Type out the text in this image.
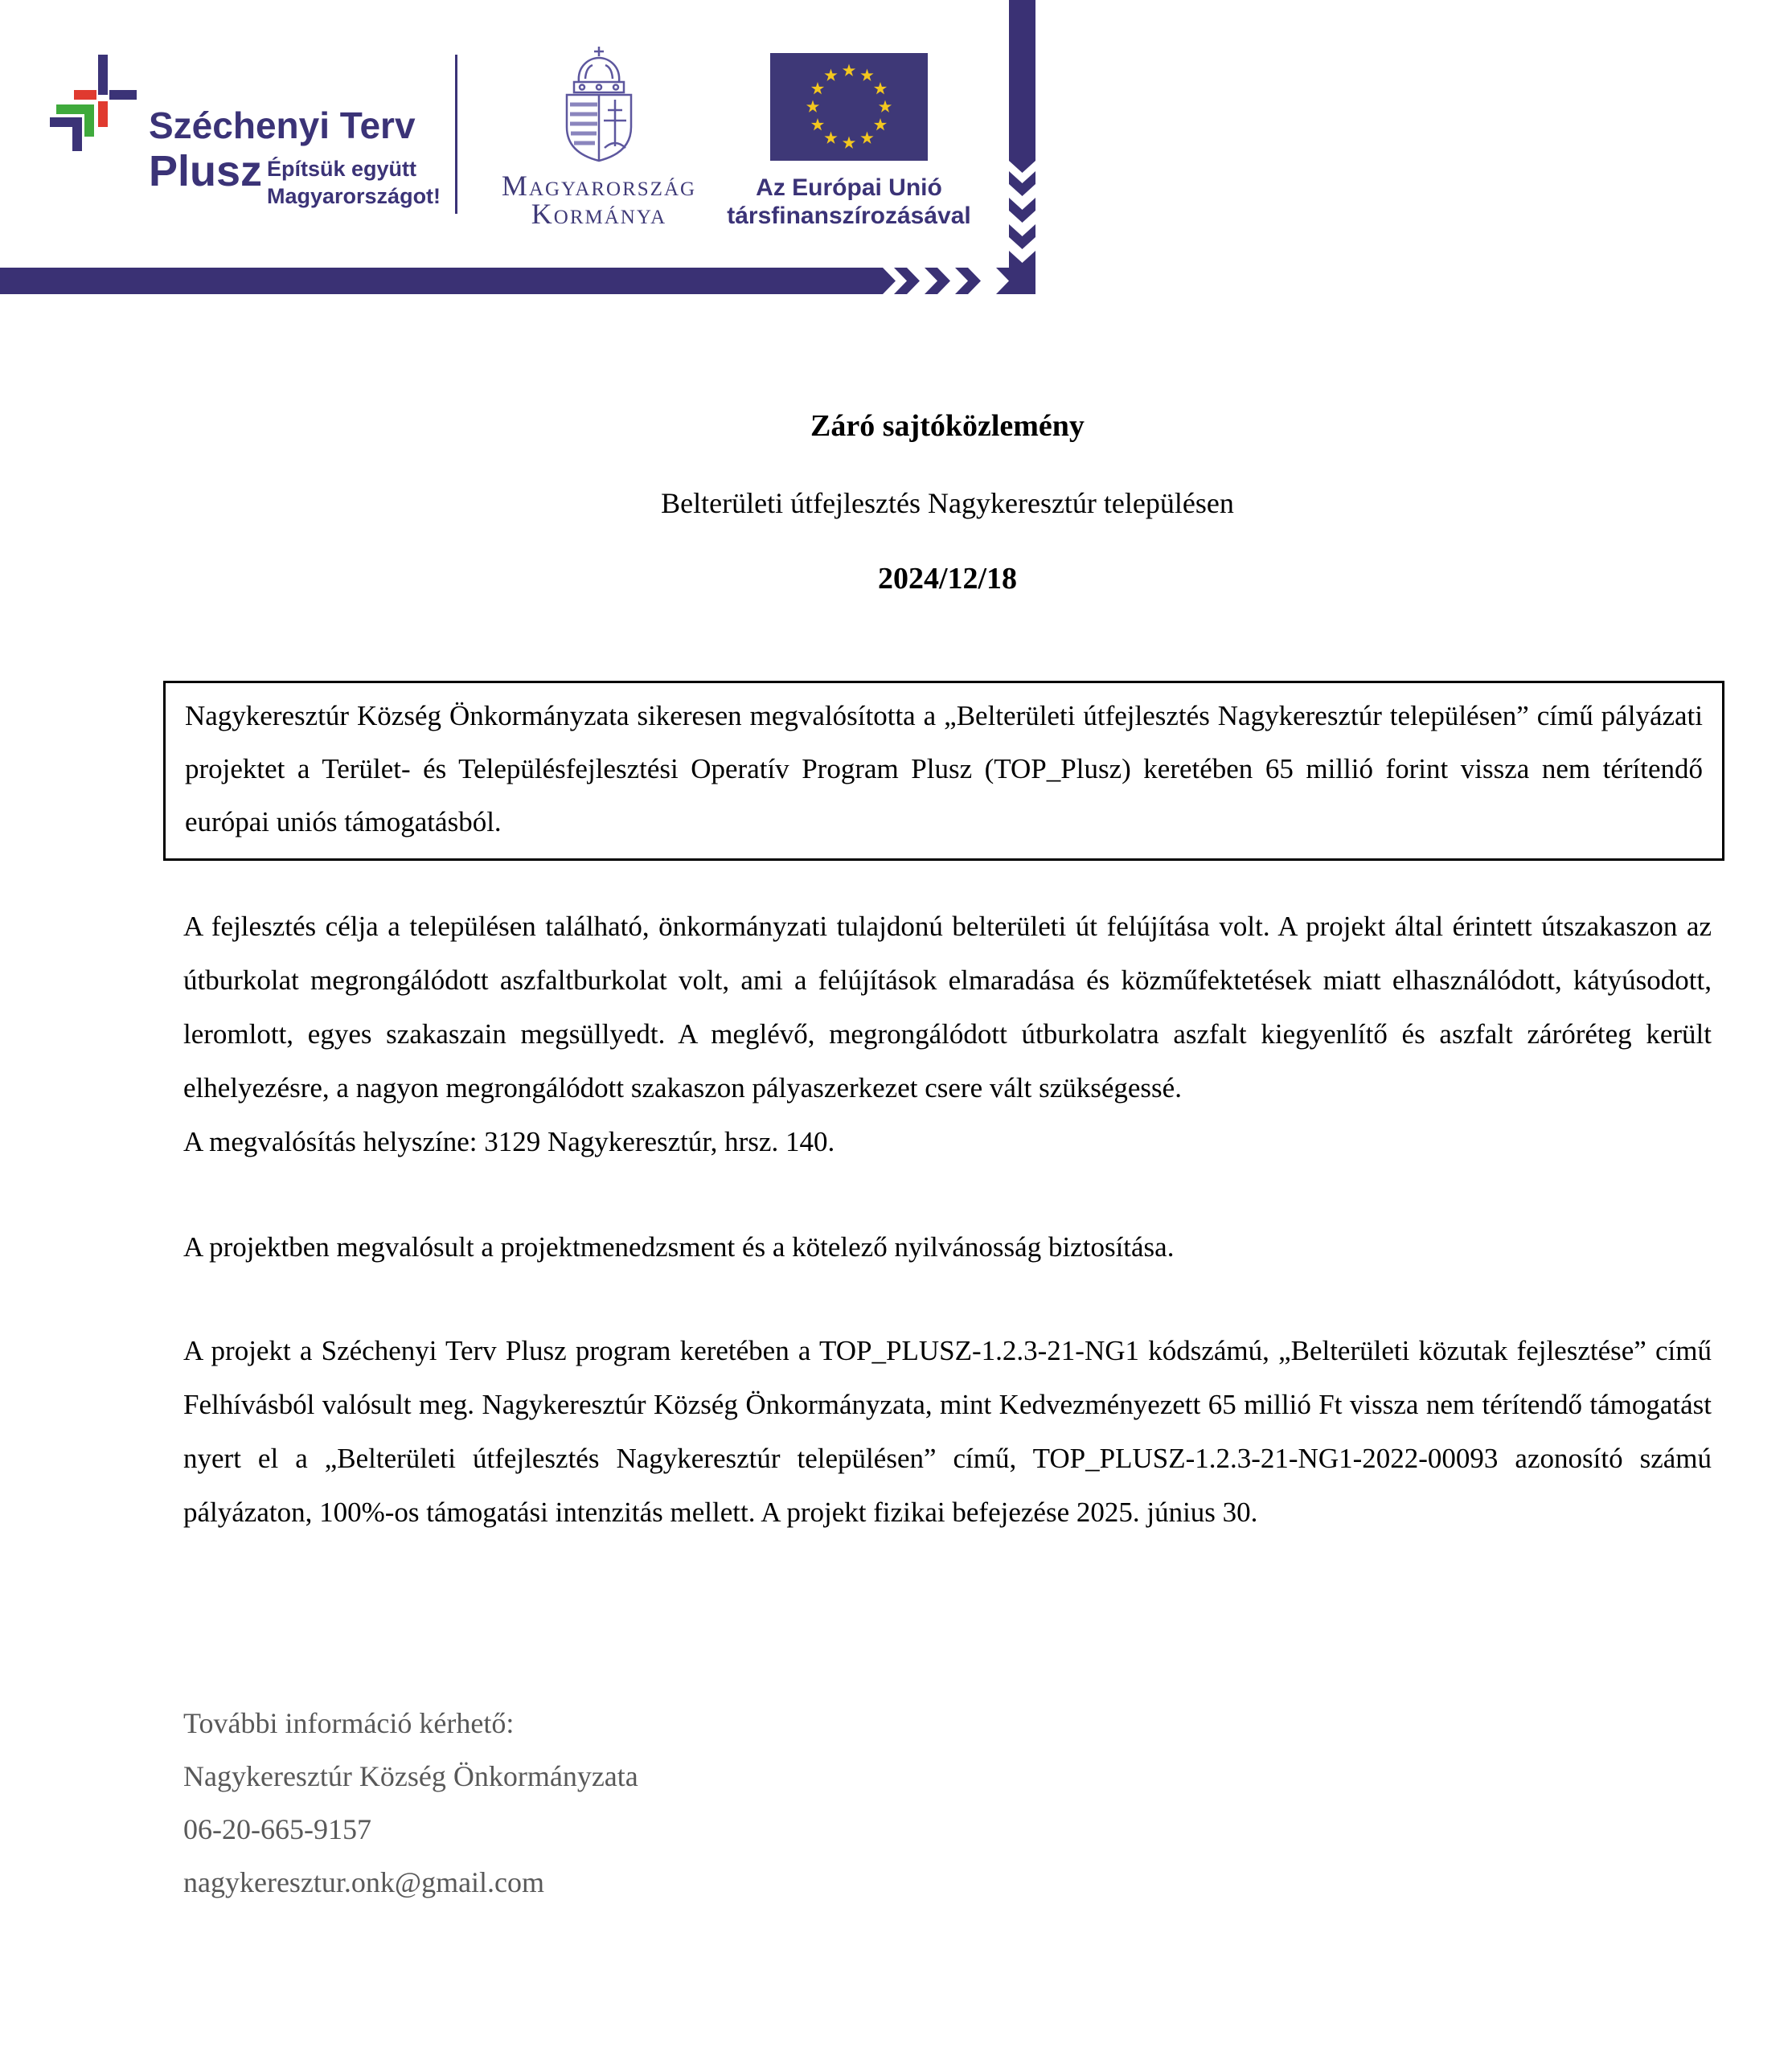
Széchenyi Terv
Plusz Építsük együtt
Magyarországot! Magyarország
Kormánya
Az Európai Unió
társfinanszírozásával
Záró sajtóközlemény
Belterületi útfejlesztés Nagykeresztúr településen
2024/12/18
Nagykeresztúr Község Önkormányzata sikeresen megvalósította a „Belterületi útfejlesztés Nagykeresztúr településen” című pályázati projektet a Terület- és Településfejlesztési Operatív Program Plusz (TOP_Plusz) keretében 65 millió forint vissza nem térítendő európai uniós támogatásból.

A fejlesztés célja a településen található, önkormányzati tulajdonú belterületi út felújítása volt. A projekt által érintett útszakaszon az útburkolat megrongálódott aszfaltburkolat volt, ami a felújítások elmaradása és közműfektetések miatt elhasználódott, kátyúsodott, leromlott, egyes szakaszain megsüllyedt. A meglévő, megrongálódott útburkolatra aszfalt kiegyenlítő és aszfalt záróréteg került elhelyezésre, a nagyon megrongálódott szakaszon pályaszerkezet csere vált szükségessé.

A megvalósítás helyszíne: 3129 Nagykeresztúr, hrsz. 140.

A projektben megvalósult a projektmenedzsment és a kötelező nyilvánosság biztosítása.

A projekt a Széchenyi Terv Plusz program keretében a TOP_PLUSZ-1.2.3-21-NG1 kódszámú, „Belterületi közutak fejlesztése” című Felhívásból valósult meg. Nagykeresztúr Község Önkormányzata, mint Kedvezményezett 65 millió Ft vissza nem térítendő támogatást nyert el a „Belterületi útfejlesztés Nagykeresztúr településen” című, TOP_PLUSZ-1.2.3-21-NG1-2022-00093 azonosító számú pályázaton, 100%-os támogatási intenzitás mellett. A projekt fizikai befejezése 2025. június 30.

További információ kérhető:
Nagykeresztúr Község Önkormányzata
06-20-665-9157
nagykeresztur.onk@gmail.com
